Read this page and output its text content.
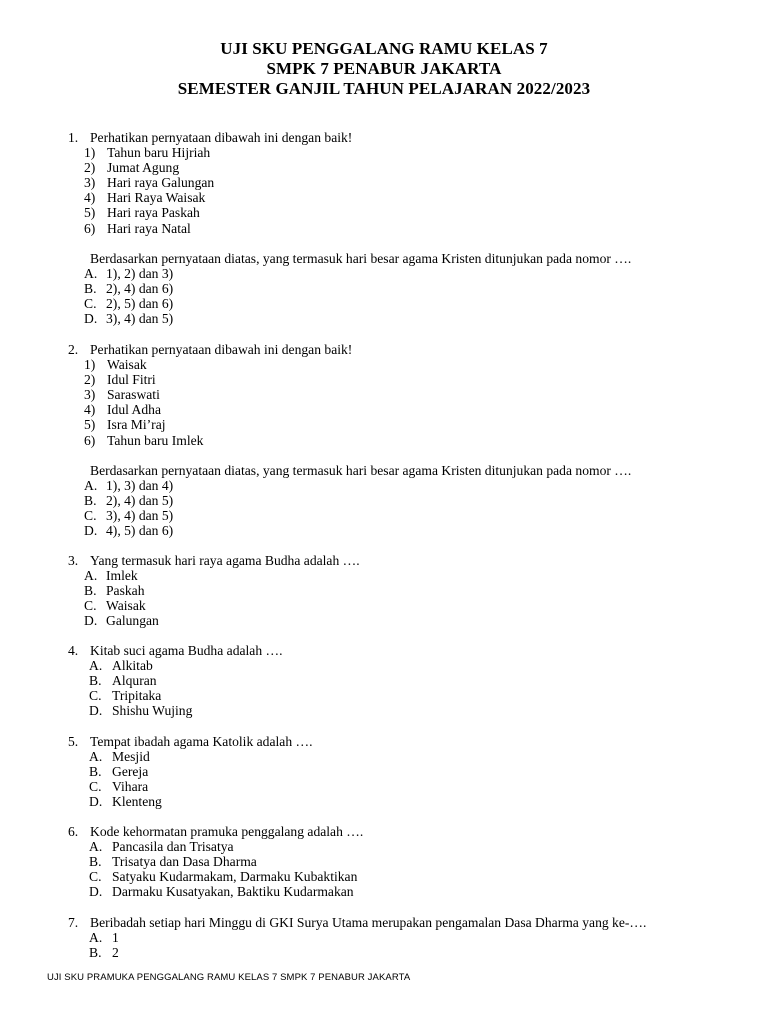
UJI SKU PENGGALANG RAMU KELAS 7
SMPK 7 PENABUR JAKARTA
SEMESTER GANJIL TAHUN PELAJARAN 2022/2023
1. Perhatikan pernyataan dibawah ini dengan baik!
1) Tahun baru Hijriah
2) Jumat Agung
3) Hari raya Galungan
4) Hari Raya Waisak
5) Hari raya Paskah
6) Hari raya Natal
Berdasarkan pernyataan diatas, yang termasuk hari besar agama Kristen ditunjukan pada nomor ….
A. 1), 2) dan 3)
B. 2), 4) dan 6)
C. 2), 5) dan 6)
D. 3), 4) dan 5)
2. Perhatikan pernyataan dibawah ini dengan baik!
1) Waisak
2) Idul Fitri
3) Saraswati
4) Idul Adha
5) Isra Mi’raj
6) Tahun baru Imlek
Berdasarkan pernyataan diatas, yang termasuk hari besar agama Kristen ditunjukan pada nomor ….
A. 1), 3) dan 4)
B. 2), 4) dan 5)
C. 3), 4) dan 5)
D. 4), 5) dan 6)
3. Yang termasuk hari raya agama Budha adalah ….
A. Imlek
B. Paskah
C. Waisak
D. Galungan
4. Kitab suci agama Budha adalah ….
A. Alkitab
B. Alquran
C. Tripitaka
D. Shishu Wujing
5. Tempat ibadah agama Katolik adalah ….
A. Mesjid
B. Gereja
C. Vihara
D. Klenteng
6. Kode kehormatan pramuka penggalang adalah ….
A. Pancasila dan Trisatya
B. Trisatya dan Dasa Dharma
C. Satyaku Kudarmakam, Darmaku Kubaktikan
D. Darmaku Kusatyakan, Baktiku Kudarmakan
7. Beribadah setiap hari Minggu di GKI Surya Utama merupakan pengamalan Dasa Dharma yang ke-….
A. 1
B. 2
UJI SKU PRAMUKA PENGGALANG RAMU KELAS 7 SMPK 7 PENABUR JAKARTA
